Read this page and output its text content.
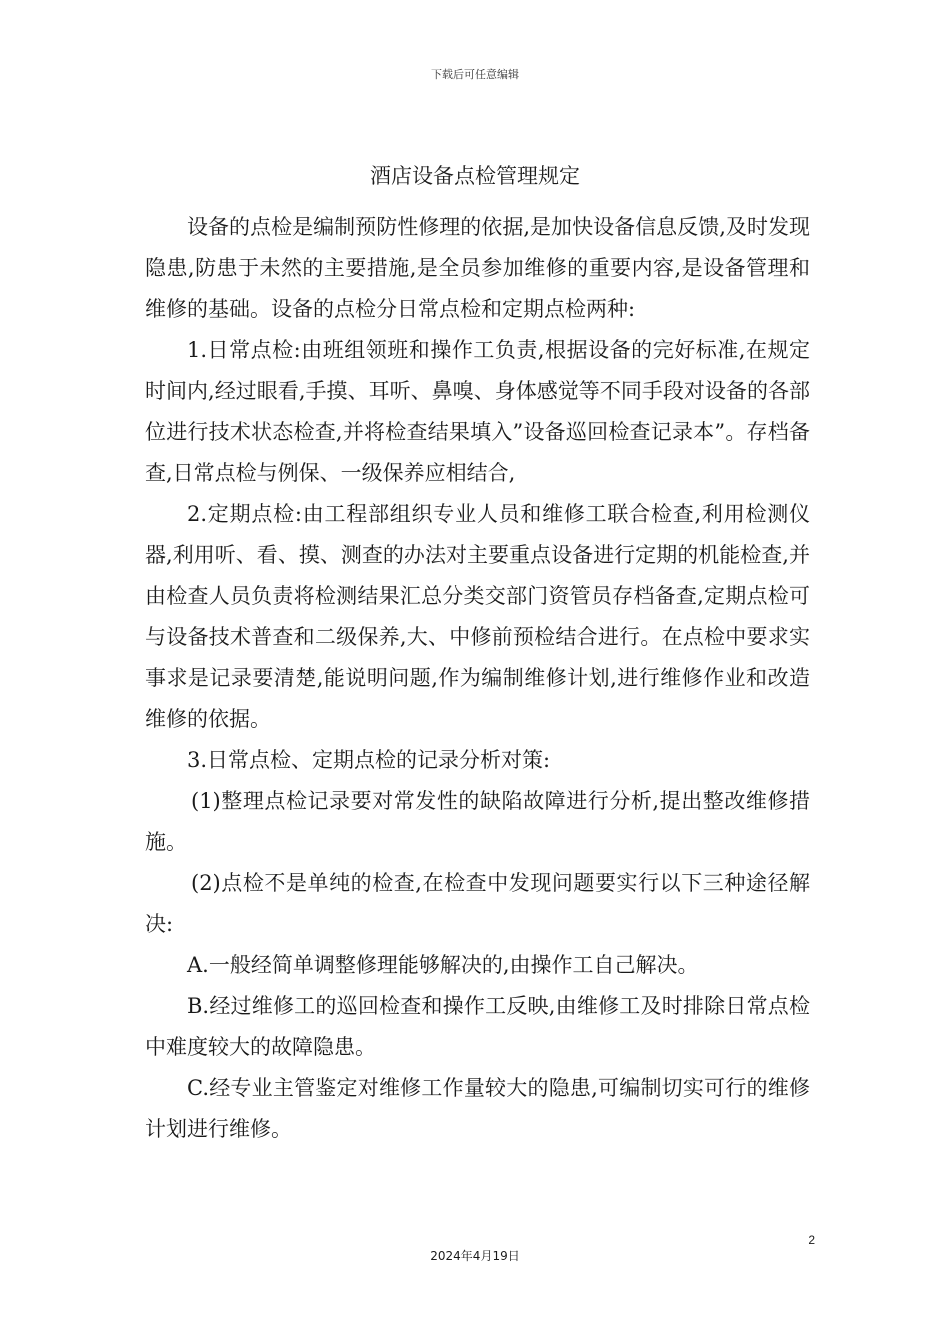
下载后可任意编辑
酒店设备点检管理规定

设备的点检是编制预防性修理的依据,是加快设备信息反馈,及时发现隐患,防患于未然的主要措施,是全员参加维修的重要内容,是设备管理和维修的基础。设备的点检分日常点检和定期点检两种:

1.日常点检:由班组领班和操作工负责,根据设备的完好标准,在规定时间内,经过眼看,手摸、耳听、鼻嗅、身体感觉等不同手段对设备的各部位进行技术状态检查,并将检查结果填入”设备巡回检查记录本”。存档备查,日常点检与例保、一级保养应相结合,

2.定期点检:由工程部组织专业人员和维修工联合检查,利用检测仪器,利用听、看、摸、测查的办法对主要重点设备进行定期的机能检查,并由检查人员负责将检测结果汇总分类交部门资管员存档备查,定期点检可与设备技术普查和二级保养,大、中修前预检结合进行。在点检中要求实事求是记录要清楚,能说明问题,作为编制维修计划,进行维修作业和改造维修的依据。

3.日常点检、定期点检的记录分析对策:

(1)整理点检记录要对常发性的缺陷故障进行分析,提出整改维修措施。

(2)点检不是单纯的检查,在检查中发现问题要实行以下三种途径解决:

A.一般经简单调整修理能够解决的,由操作工自己解决。

B.经过维修工的巡回检查和操作工反映,由维修工及时排除日常点检中难度较大的故障隐患。

C.经专业主管鉴定对维修工作量较大的隐患,可编制切实可行的维修计划进行维修。

2
2024年4月19日
